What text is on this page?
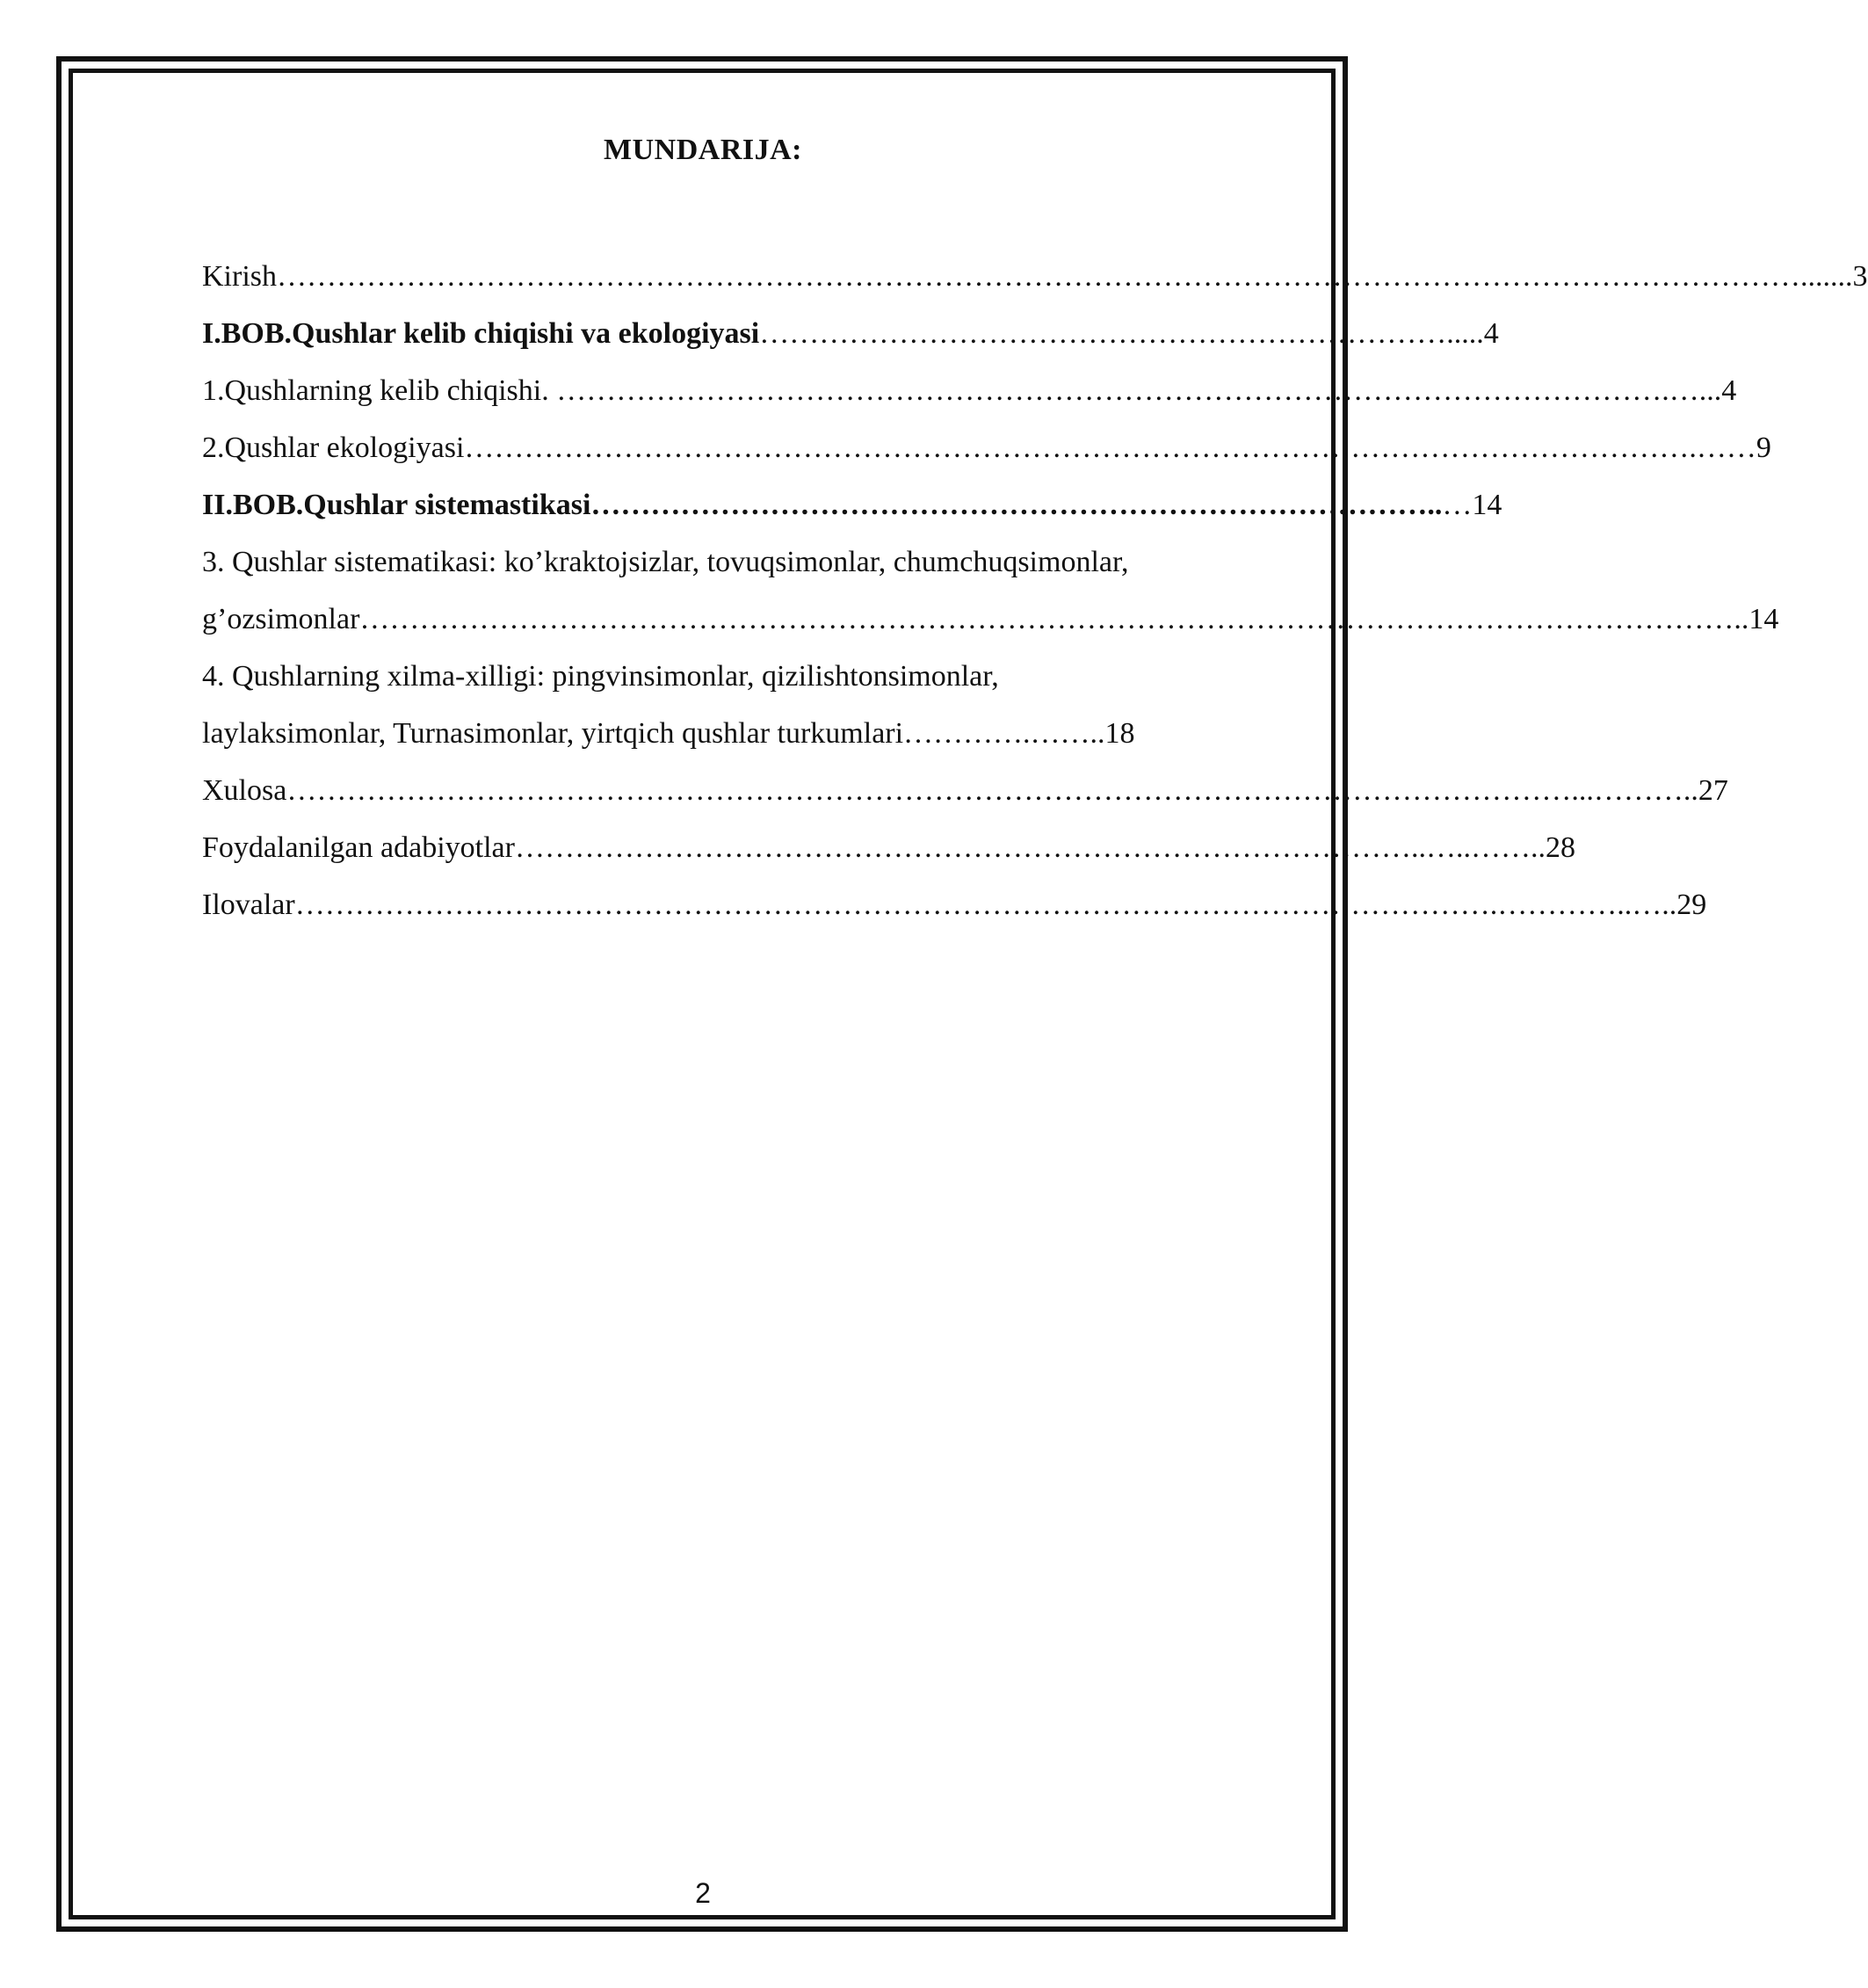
MUNDARIJA:
Kirish……………………………………………………………………………………………………………………………………….......3
I.BOB.Qushlar kelib chiqishi va ekologiyasi…………………………………………………………….....4
1.Qushlarning kelib chiqishi. ………………………………………………………………………………………………….…...4
2.Qushlar ekologiyasi…………………………………………………………………………………………………………….……9
II.BOB.Qushlar sistemastikasi…………………………………………………………………………..…14
3. Qushlar sistematikasi: ko’kraktojsizlar, tovuqsimonlar, chumchuqsimonlar,
g’ozsimonlar…………………………………………………………………………………………………………………………..14
4. Qushlarning xilma-xilligi: pingvinsimonlar, qizilishtonsimonlar,
laylaksimonlar, Turnasimonlar, yirtqich qushlar turkumlari………….……..18
Xulosa…………………………………………………………………………………………………………………...………..27
Foydalanilgan adabiyotlar………………………………………………………………………………..…..……..28
Ilovalar………………………………………………………………………………………………………….…………..…..29
2
